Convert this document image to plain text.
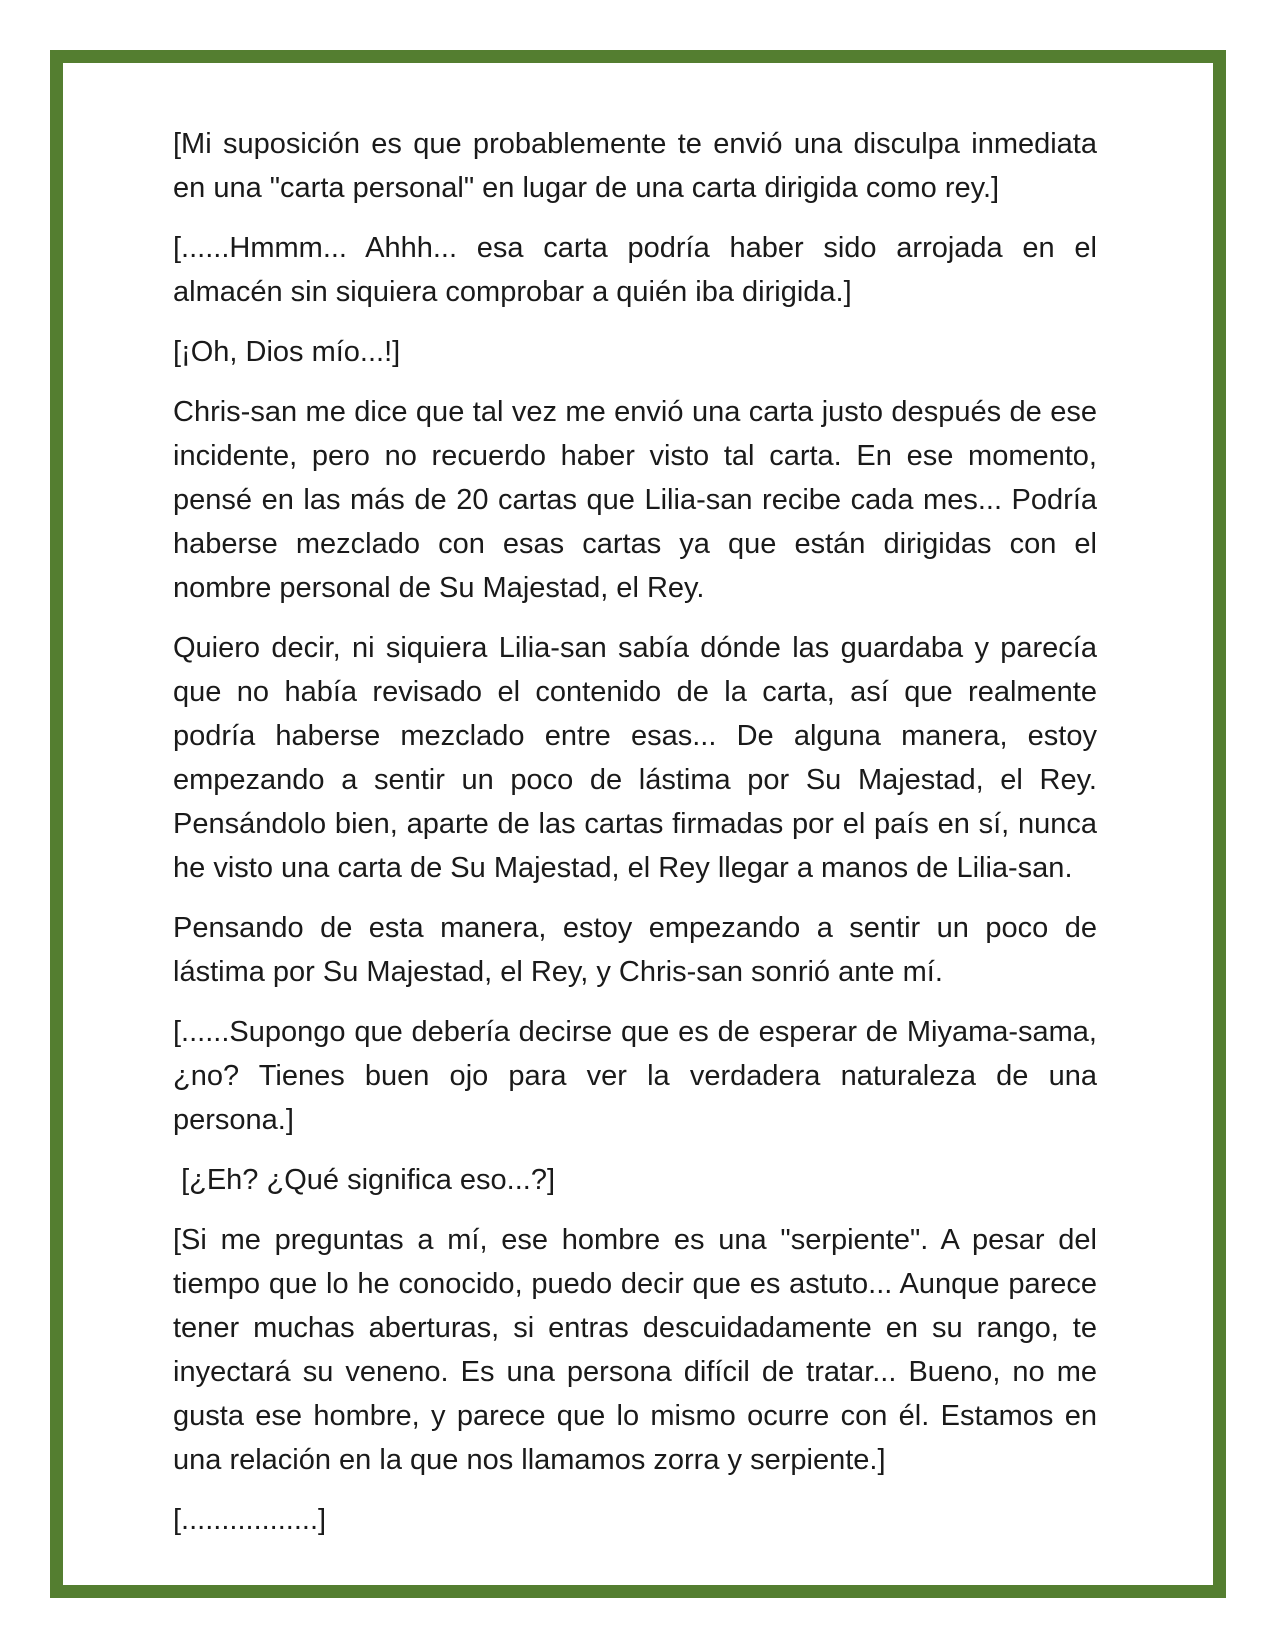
[Mi suposición es que probablemente te envió una disculpa inmediata en una "carta personal" en lugar de una carta dirigida como rey.]

[......Hmmm... Ahhh... esa carta podría haber sido arrojada en el almacén sin siquiera comprobar a quién iba dirigida.]

[¡Oh, Dios mío...!]

Chris-san me dice que tal vez me envió una carta justo después de ese incidente, pero no recuerdo haber visto tal carta. En ese momento, pensé en las más de 20 cartas que Lilia-san recibe cada mes... Podría haberse mezclado con esas cartas ya que están dirigidas con el nombre personal de Su Majestad, el Rey.

Quiero decir, ni siquiera Lilia-san sabía dónde las guardaba y parecía que no había revisado el contenido de la carta, así que realmente podría haberse mezclado entre esas... De alguna manera, estoy empezando a sentir un poco de lástima por Su Majestad, el Rey. Pensándolo bien, aparte de las cartas firmadas por el país en sí, nunca he visto una carta de Su Majestad, el Rey llegar a manos de Lilia-san.

Pensando de esta manera, estoy empezando a sentir un poco de lástima por Su Majestad, el Rey, y Chris-san sonrió ante mí.

[......Supongo que debería decirse que es de esperar de Miyama-sama, ¿no? Tienes buen ojo para ver la verdadera naturaleza de una persona.]

[¿Eh? ¿Qué significa eso...?]

[Si me preguntas a mí, ese hombre es una "serpiente". A pesar del tiempo que lo he conocido, puedo decir que es astuto... Aunque parece tener muchas aberturas, si entras descuidadamente en su rango, te inyectará su veneno. Es una persona difícil de tratar... Bueno, no me gusta ese hombre, y parece que lo mismo ocurre con él. Estamos en una relación en la que nos llamamos zorra y serpiente.]

[.................]
